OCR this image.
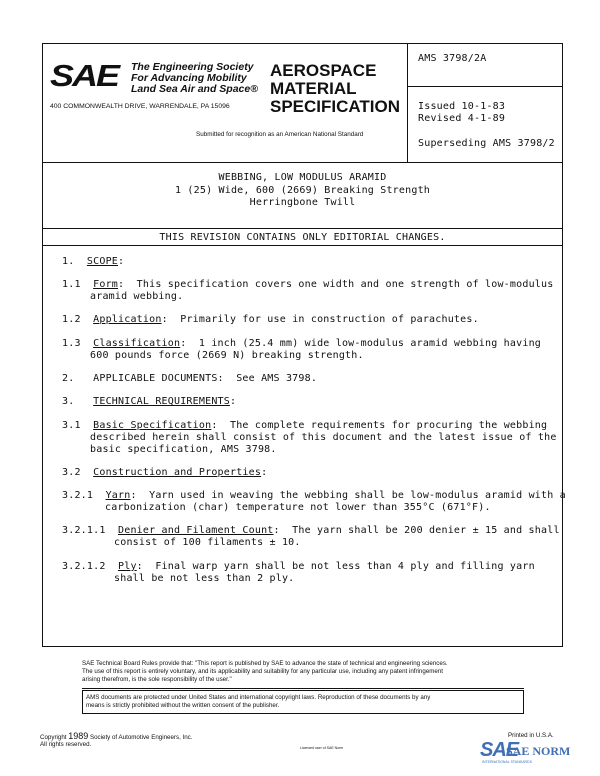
SAE The Engineering Society
For Advancing Mobility
Land Sea Air and Space®
400 COMMONWEALTH DRIVE, WARRENDALE, PA 15096
AEROSPACE
MATERIAL
SPECIFICATION
Submitted for recognition as an American National Standard
AMS 3798/2A
Issued 10-1-83
Revised 4-1-89
Superseding AMS 3798/2
WEBBING, LOW MODULUS ARAMID
1 (25) Wide, 600 (2669) Breaking Strength
Herringbone Twill
THIS REVISION CONTAINS ONLY EDITORIAL CHANGES.
1. SCOPE:
1.1 Form:  This specification covers one width and one strength of low-modulus
aramid webbing.
1.2 Application:  Primarily for use in construction of parachutes.
1.3 Classification:  1 inch (25.4 mm) wide low-modulus aramid webbing having
600 pounds force (2669 N) breaking strength.
2. APPLICABLE DOCUMENTS:  See AMS 3798.
3. TECHNICAL REQUIREMENTS:
3.1 Basic Specification:  The complete requirements for procuring the webbing
described herein shall consist of this document and the latest issue of the
basic specification, AMS 3798.
3.2 Construction and Properties:
3.2.1 Yarn:  Yarn used in weaving the webbing shall be low-modulus aramid with a
carbonization (char) temperature not lower than 355°C (671°F).
3.2.1.1 Denier and Filament Count:  The yarn shall be 200 denier ± 15 and shall
consist of 100 filaments ± 10.
3.2.1.2 Ply:  Final warp yarn shall be not less than 4 ply and filling yarn
shall be not less than 2 ply.
SAE Technical Board Rules provide that: "This report is published by SAE to advance the state of technical and engineering sciences.
The use of this report is entirely voluntary, and its applicability and suitability for any particular use, including any patent infringement
arising therefrom, is the sole responsibility of the user."
AMS documents are protected under United States and international copyright laws. Reproduction of these documents by any
means is strictly prohibited without the written consent of the publisher.
Copyright 1989 Society of Automotive Engineers, Inc.
All rights reserved.	Licensed user of SAE Norm
Printed in U.S.A.
SAE
SAE NORM
INTERNATIONAL STANDARDS
